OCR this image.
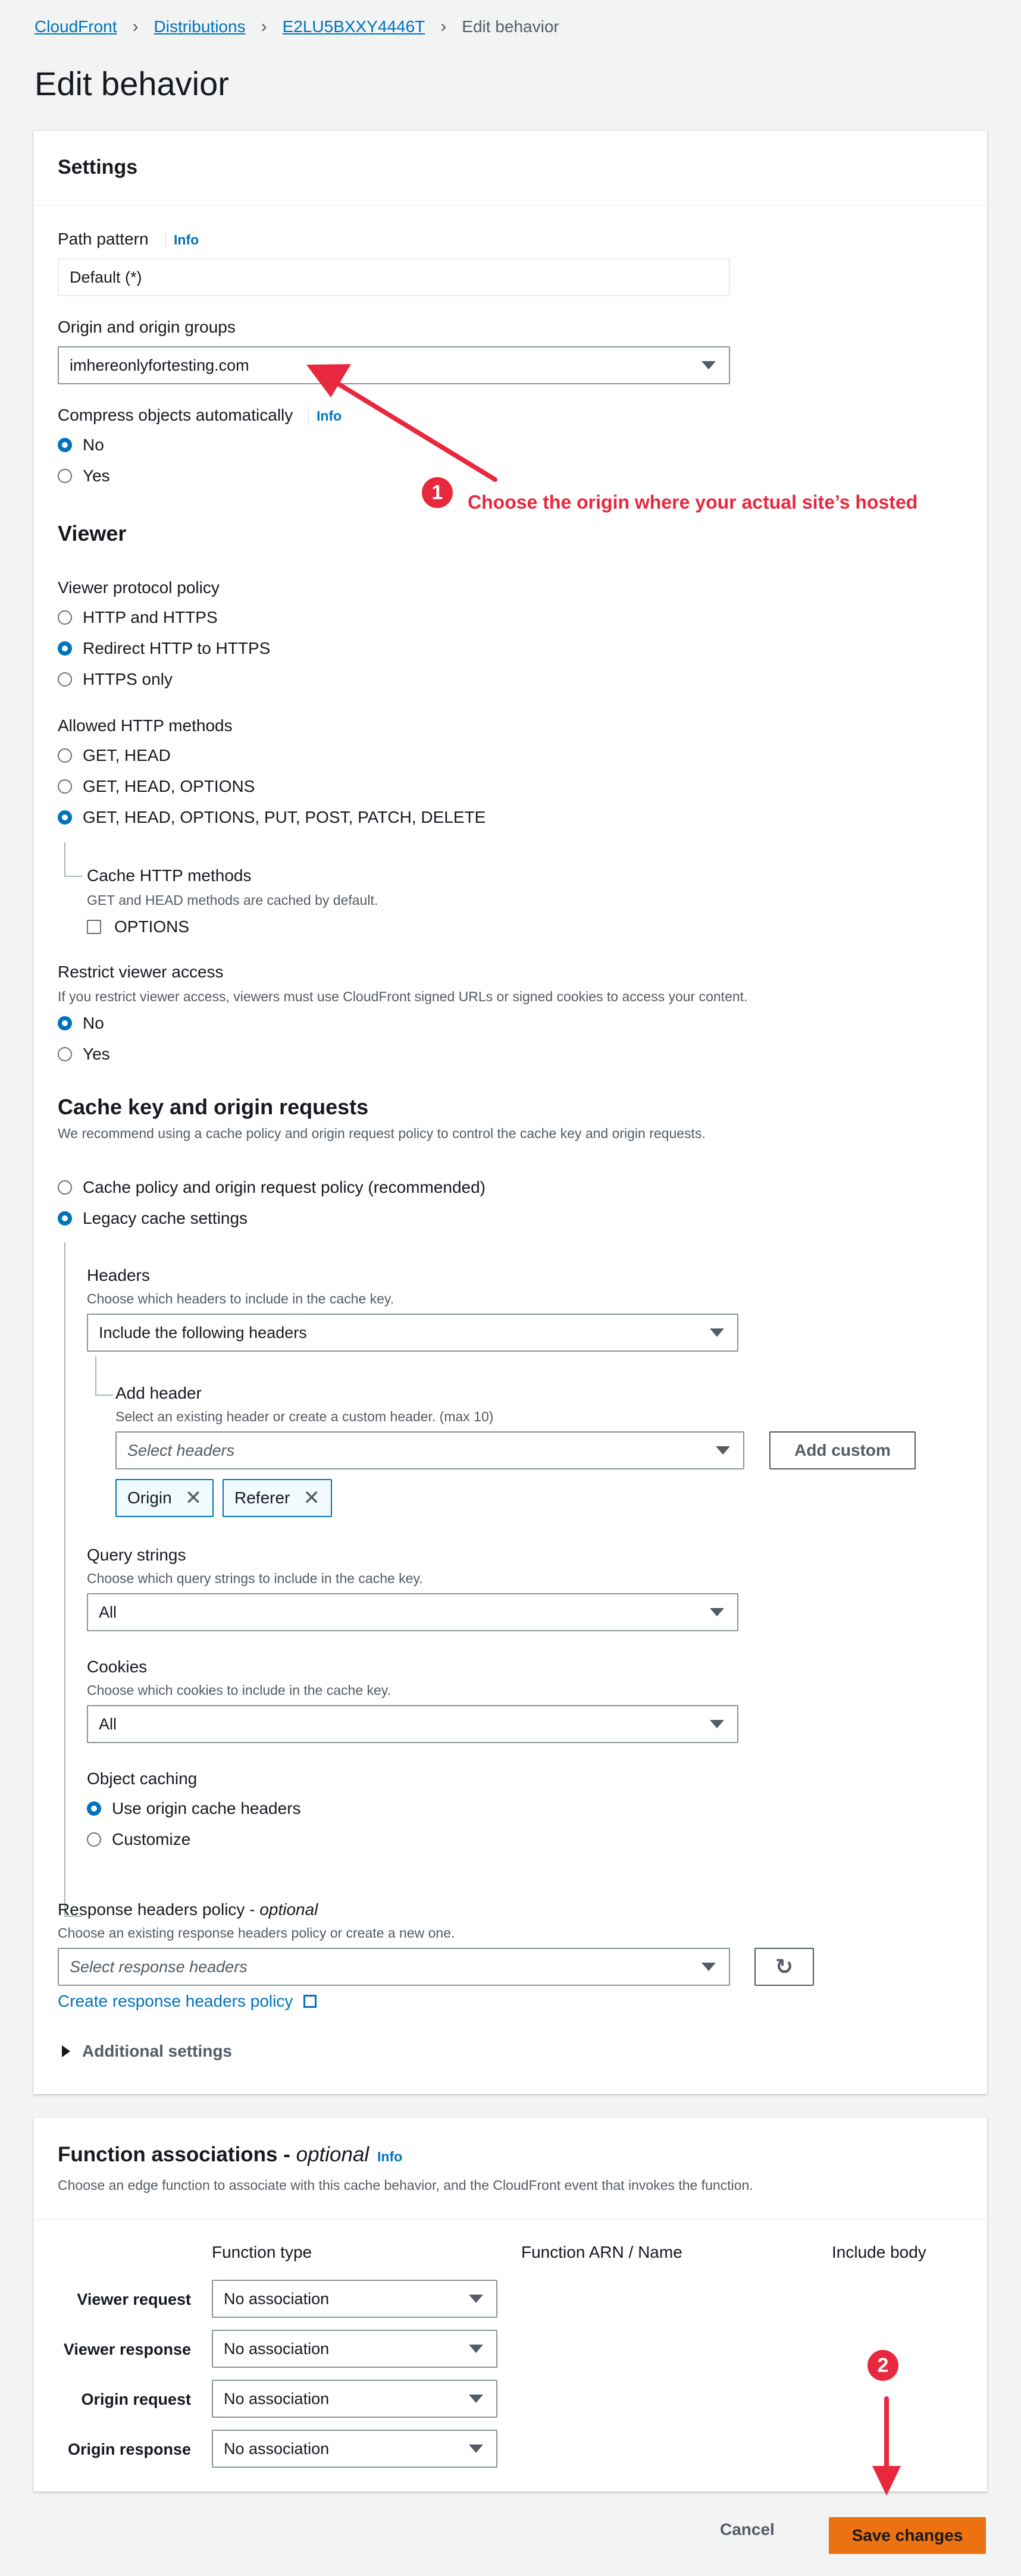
CloudFront › Distributions › E2LU5BXXY4446T › Edit behavior
Edit behavior
Settings
Path pattern Info
Default (*)
Origin and origin groups
imhereonlyfortesting.com
Compress objects automatically Info
No
Yes
Viewer
Viewer protocol policy
HTTP and HTTPS
Redirect HTTP to HTTPS
HTTPS only
Allowed HTTP methods
GET, HEAD
GET, HEAD, OPTIONS
GET, HEAD, OPTIONS, PUT, POST, PATCH, DELETE
Cache HTTP methods
GET and HEAD methods are cached by default.
OPTIONS
Restrict viewer access
If you restrict viewer access, viewers must use CloudFront signed URLs or signed cookies to access your content.
No
Yes
Cache key and origin requests
We recommend using a cache policy and origin request policy to control the cache key and origin requests.
Cache policy and origin request policy (recommended)
Legacy cache settings
Headers
Choose which headers to include in the cache key.
Include the following headers
Add header
Select an existing header or create a custom header. (max 10)
Select headers	Add custom
Origin ✕ Referer ✕
Query strings
Choose which query strings to include in the cache key.
All
Cookies
Choose which cookies to include in the cache key.
All
Object caching
Use origin cache headers
Customize
Response headers policy - optional
Choose an existing response headers policy or create a new one.
Select response headers	↻
Create response headers policy
Additional settings
Function associations - optional Info
Choose an edge function to associate with this cache behavior, and the CloudFront event that invokes the function.
Function type	Function ARN / Name	Include body
Viewer request No association
Viewer response No association
Origin request No association
Origin response No association
Cancel	Save changes
1	Choose the origin where your actual site’s hosted
2
